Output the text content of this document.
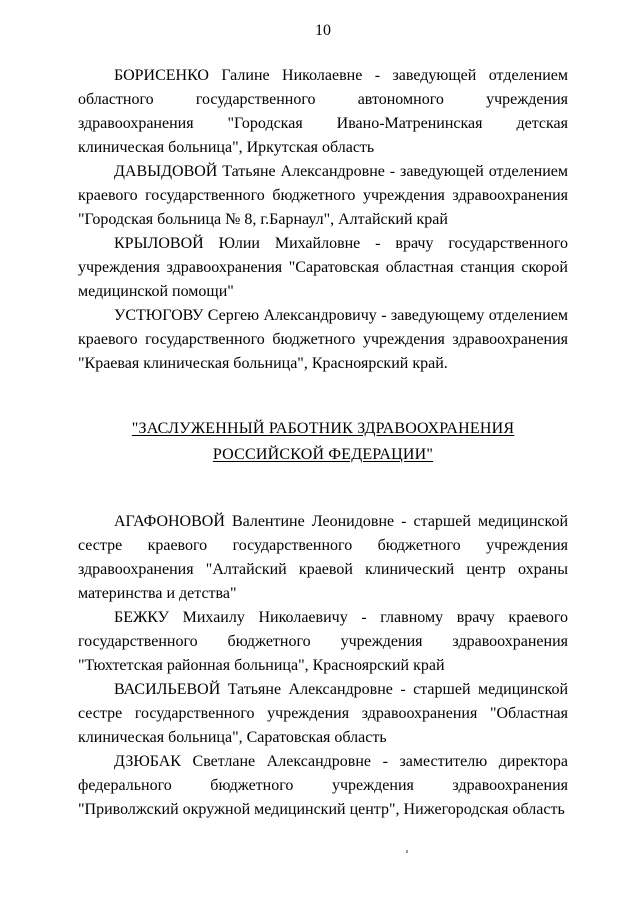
10

БОРИСЕНКО Галине Николаевне - заведующей отделением областного государственного автономного учреждения здравоохранения "Городская Ивано-Матренинская детская клиническая больница", Иркутская область

ДАВЫДОВОЙ Татьяне Александровне - заведующей отделением краевого государственного бюджетного учреждения здравоохранения "Городская больница № 8, г.Барнаул", Алтайский край

КРЫЛОВОЙ Юлии Михайловне - врачу государственного учреждения здравоохранения "Саратовская областная станция скорой медицинской помощи"

УСТЮГОВУ Сергею Александровичу - заведующему отделением краевого государственного бюджетного учреждения здравоохранения "Краевая клиническая больница", Красноярский край.

"ЗАСЛУЖЕННЫЙ РАБОТНИК ЗДРАВООХРАНЕНИЯ
РОССИЙСКОЙ ФЕДЕРАЦИИ"

АГАФОНОВОЙ Валентине Леонидовне - старшей медицинской сестре краевого государственного бюджетного учреждения здравоохранения "Алтайский краевой клинический центр охраны материнства и детства"

БЕЖКУ Михаилу Николаевичу - главному врачу краевого государственного бюджетного учреждения здравоохранения "Тюхтетская районная больница", Красноярский край

ВАСИЛЬЕВОЙ Татьяне Александровне - старшей медицинской сестре государственного учреждения здравоохранения "Областная клиническая больница", Саратовская область

ДЗЮБАК Светлане Александровне - заместителю директора федерального бюджетного учреждения здравоохранения "Приволжский окружной медицинский центр", Нижегородская область
